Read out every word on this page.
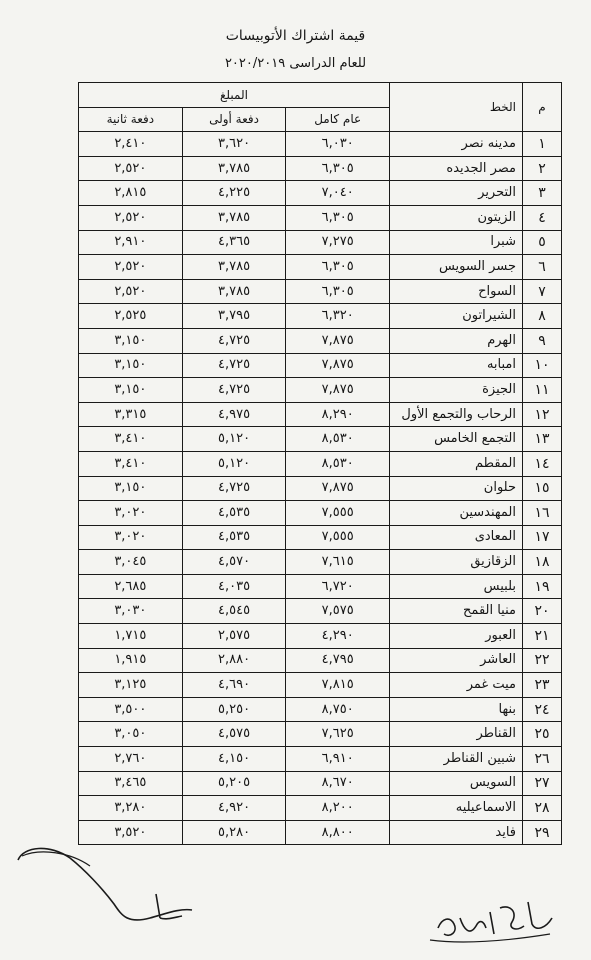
قيمة اشتراك الأتوبيسات
للعام الدراسى ٢٠٢٠/٢٠١٩
م	الخط	المبلغ		
		عام كامل	دفعة أولى	دفعة ثانية
١	مدينه نصر	٦,٠٣٠	٣,٦٢٠	٢,٤١٠
٢	مصر الجديده	٦,٣٠٥	٣,٧٨٥	٢,٥٢٠
٣	التحرير	٧,٠٤٠	٤,٢٢٥	٢,٨١٥
٤	الزيتون	٦,٣٠٥	٣,٧٨٥	٢,٥٢٠
٥	شبرا	٧,٢٧٥	٤,٣٦٥	٢,٩١٠
٦	جسر السويس	٦,٣٠٥	٣,٧٨٥	٢,٥٢٠
٧	السواح	٦,٣٠٥	٣,٧٨٥	٢,٥٢٠
٨	الشيراتون	٦,٣٢٠	٣,٧٩٥	٢,٥٢٥
٩	الهرم	٧,٨٧٥	٤,٧٢٥	٣,١٥٠
١٠	امبابه	٧,٨٧٥	٤,٧٢٥	٣,١٥٠
١١	الجيزة	٧,٨٧٥	٤,٧٢٥	٣,١٥٠
١٢	الرحاب والتجمع الأول	٨,٢٩٠	٤,٩٧٥	٣,٣١٥
١٣	التجمع الخامس	٨,٥٣٠	٥,١٢٠	٣,٤١٠
١٤	المقطم	٨,٥٣٠	٥,١٢٠	٣,٤١٠
١٥	حلوان	٧,٨٧٥	٤,٧٢٥	٣,١٥٠
١٦	المهندسين	٧,٥٥٥	٤,٥٣٥	٣,٠٢٠
١٧	المعادى	٧,٥٥٥	٤,٥٣٥	٣,٠٢٠
١٨	الزقازيق	٧,٦١٥	٤,٥٧٠	٣,٠٤٥
١٩	بلبيس	٦,٧٢٠	٤,٠٣٥	٢,٦٨٥
٢٠	منيا القمح	٧,٥٧٥	٤,٥٤٥	٣,٠٣٠
٢١	العبور	٤,٢٩٠	٢,٥٧٥	١,٧١٥
٢٢	العاشر	٤,٧٩٥	٢,٨٨٠	١,٩١٥
٢٣	ميت غمر	٧,٨١٥	٤,٦٩٠	٣,١٢٥
٢٤	بنها	٨,٧٥٠	٥,٢٥٠	٣,٥٠٠
٢٥	القناطر	٧,٦٢٥	٤,٥٧٥	٣,٠٥٠
٢٦	شبين القناطر	٦,٩١٠	٤,١٥٠	٢,٧٦٠
٢٧	السويس	٨,٦٧٠	٥,٢٠٥	٣,٤٦٥
٢٨	الاسماعيليه	٨,٢٠٠	٤,٩٢٠	٣,٢٨٠
٢٩	فايد	٨,٨٠٠	٥,٢٨٠	٣,٥٢٠
